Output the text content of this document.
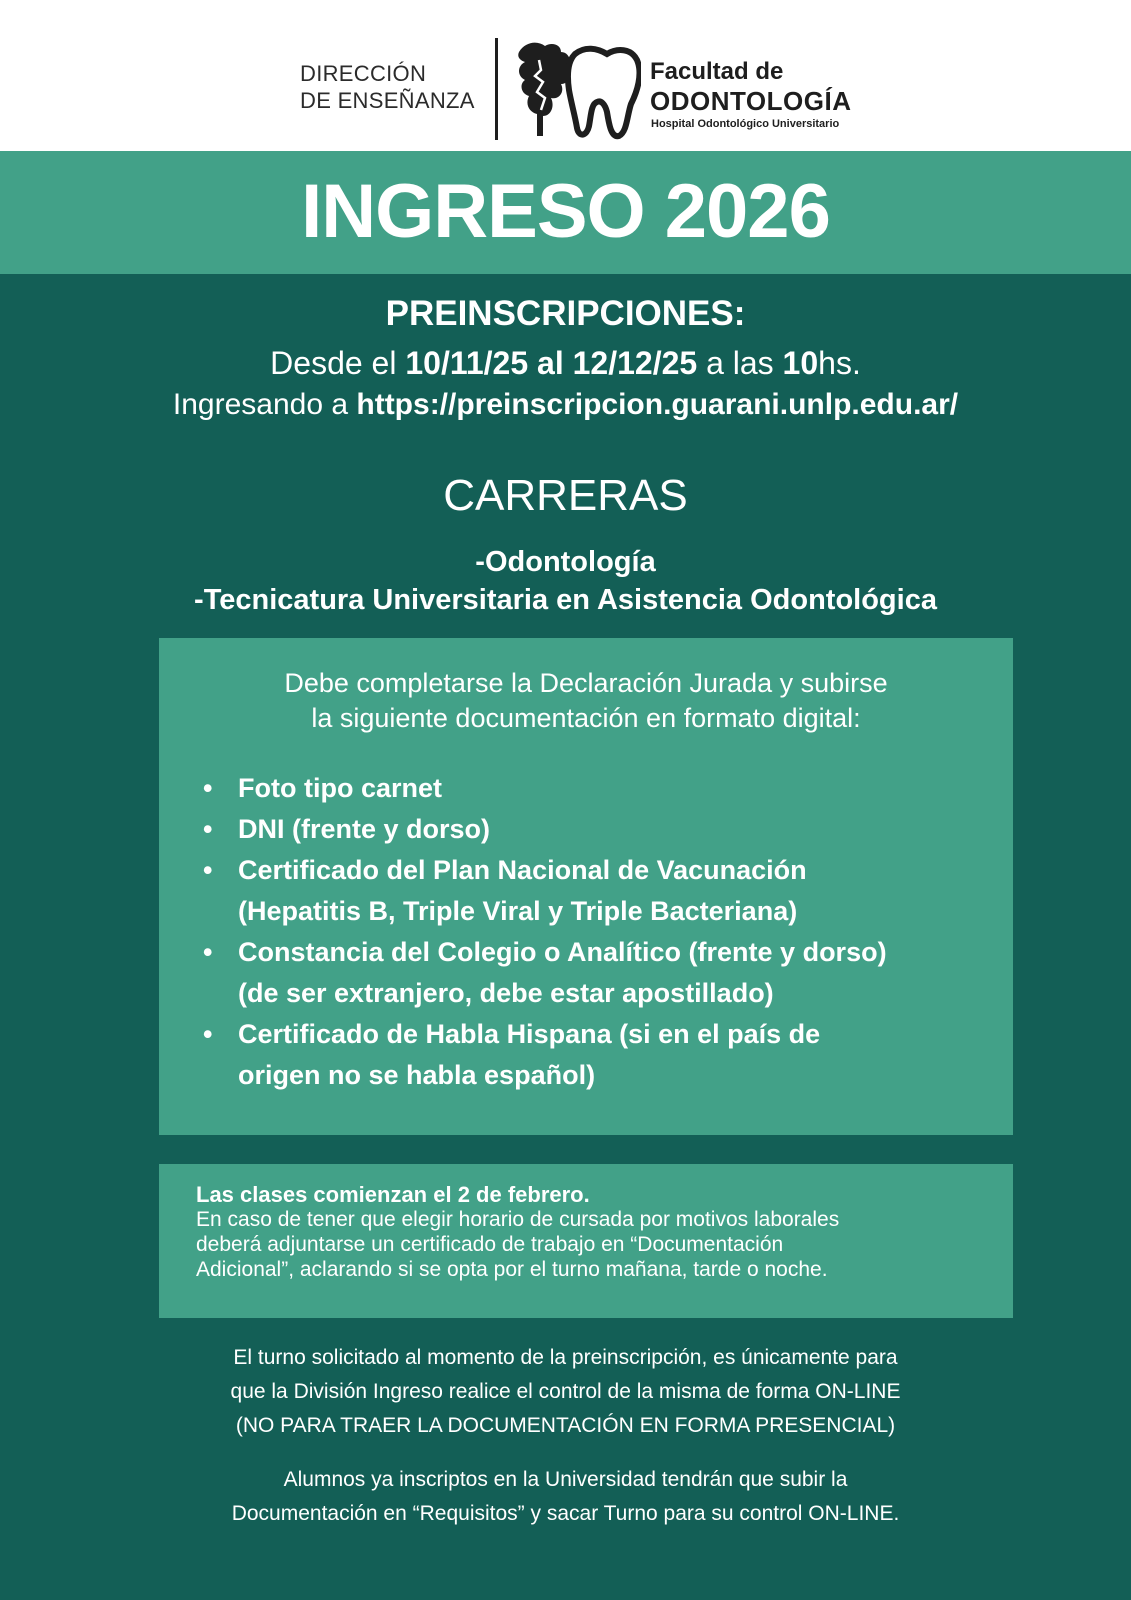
DIRECCIÓN
DE ENSEÑANZA
Facultad de
ODONTOLOGÍA
Hospital Odontológico Universitario
INGRESO 2026
PREINSCRIPCIONES:
Desde el 10/11/25 al 12/12/25 a las 10hs.
Ingresando a https://preinscripcion.guarani.unlp.edu.ar/
CARRERAS
-Odontología
-Tecnicatura Universitaria en Asistencia Odontológica
Debe completarse la Declaración Jurada y subirse
la siguiente documentación en formato digital:
• Foto tipo carnet
• DNI (frente y dorso)
• Certificado del Plan Nacional de Vacunación
(Hepatitis B, Triple Viral y Triple Bacteriana)
• Constancia del Colegio o Analítico (frente y dorso)
(de ser extranjero, debe estar apostillado)
• Certificado de Habla Hispana (si en el país de
origen no se habla español)
Las clases comienzan el 2 de febrero.
En caso de tener que elegir horario de cursada por motivos laborales
deberá adjuntarse un certificado de trabajo en “Documentación
Adicional”, aclarando si se opta por el turno mañana, tarde o noche.
El turno solicitado al momento de la preinscripción, es únicamente para
que la División Ingreso realice el control de la misma de forma ON-LINE
(NO PARA TRAER LA DOCUMENTACIÓN EN FORMA PRESENCIAL)
Alumnos ya inscriptos en la Universidad tendrán que subir la
Documentación en “Requisitos” y sacar Turno para su control ON-LINE.
